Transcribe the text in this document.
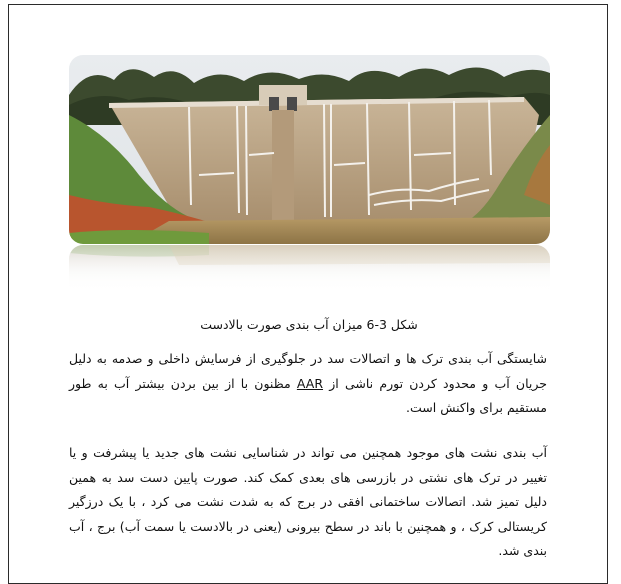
شکل 3-6 میزان آب بندی صورت بالادست

شایستگی آب بندی ترک ها و اتصالات سد در جلوگیری از فرسایش داخلی و صدمه به دلیل جریان آب و محدود کردن تورم ناشی از AAR مظنون با از بین بردن بیشتر آب به طور مستقیم برای واکنش است.

آب بندی نشت های موجود همچنین می تواند در شناسایی نشت های جدید یا پیشرفت و یا تغییر در ترک های نشتی در بازرسی های بعدی کمک کند. صورت پایین دست سد به همین دلیل تمیز شد. اتصالات ساختمانی افقی در برج که به شدت نشت می کرد ، با یک درزگیر کریستالی کرک ، و همچنین با باند در سطح بیرونی (یعنی در بالادست یا سمت آب) برج ، آب بندی شد.
